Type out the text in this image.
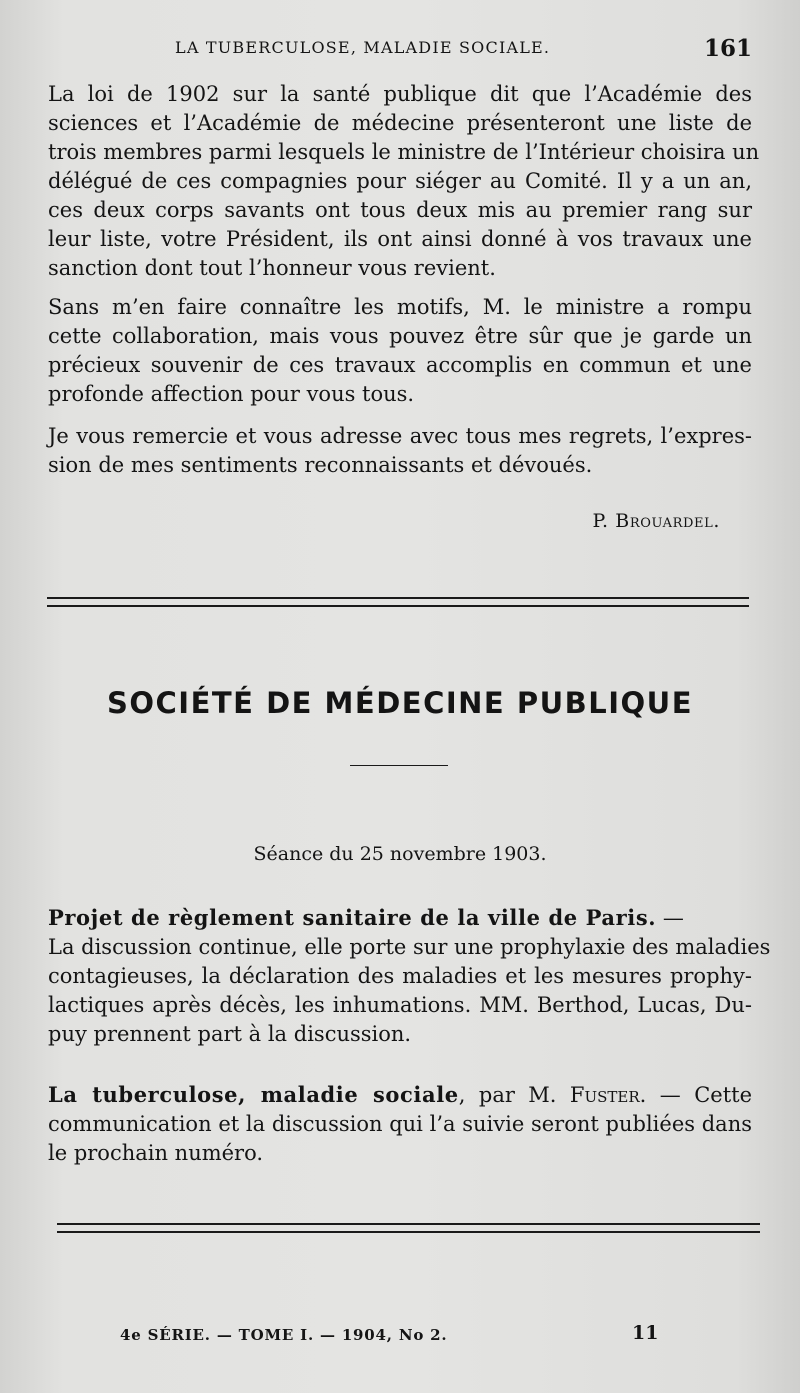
LA TUBERCULOSE, MALADIE SOCIALE.	161

La loi de 1902 sur la santé publique dit que l’Académie des
sciences et l’Académie de médecine présenteront une liste de
trois membres parmi lesquels le ministre de l’Intérieur choisira un
délégué de ces compagnies pour siéger au Comité. Il y a un an,
ces deux corps savants ont tous deux mis au premier rang sur
leur liste, votre Président, ils ont ainsi donné à vos travaux une
sanction dont tout l’honneur vous revient.

Sans m’en faire connaître les motifs, M. le ministre a rompu
cette collaboration, mais vous pouvez être sûr que je garde un
précieux souvenir de ces travaux accomplis en commun et une
profonde affection pour vous tous.

Je vous remercie et vous adresse avec tous mes regrets, l’expres-
sion de mes sentiments reconnaissants et dévoués.

P. Brouardel.
SOCIÉTÉ DE MÉDECINE PUBLIQUE
Séance du 25 novembre 1903.

Projet de règlement sanitaire de la ville de Paris. —
La discussion continue, elle porte sur une prophylaxie des maladies
contagieuses, la déclaration des maladies et les mesures prophy-
lactiques après décès, les inhumations. MM. Berthod, Lucas, Du-
puy prennent part à la discussion.

La tuberculose, maladie sociale, par M. Fuster. — Cette
communication et la discussion qui l’a suivie seront publiées dans
le prochain numéro.

4e SÉRIE. — TOME I. — 1904, No 2.	11
